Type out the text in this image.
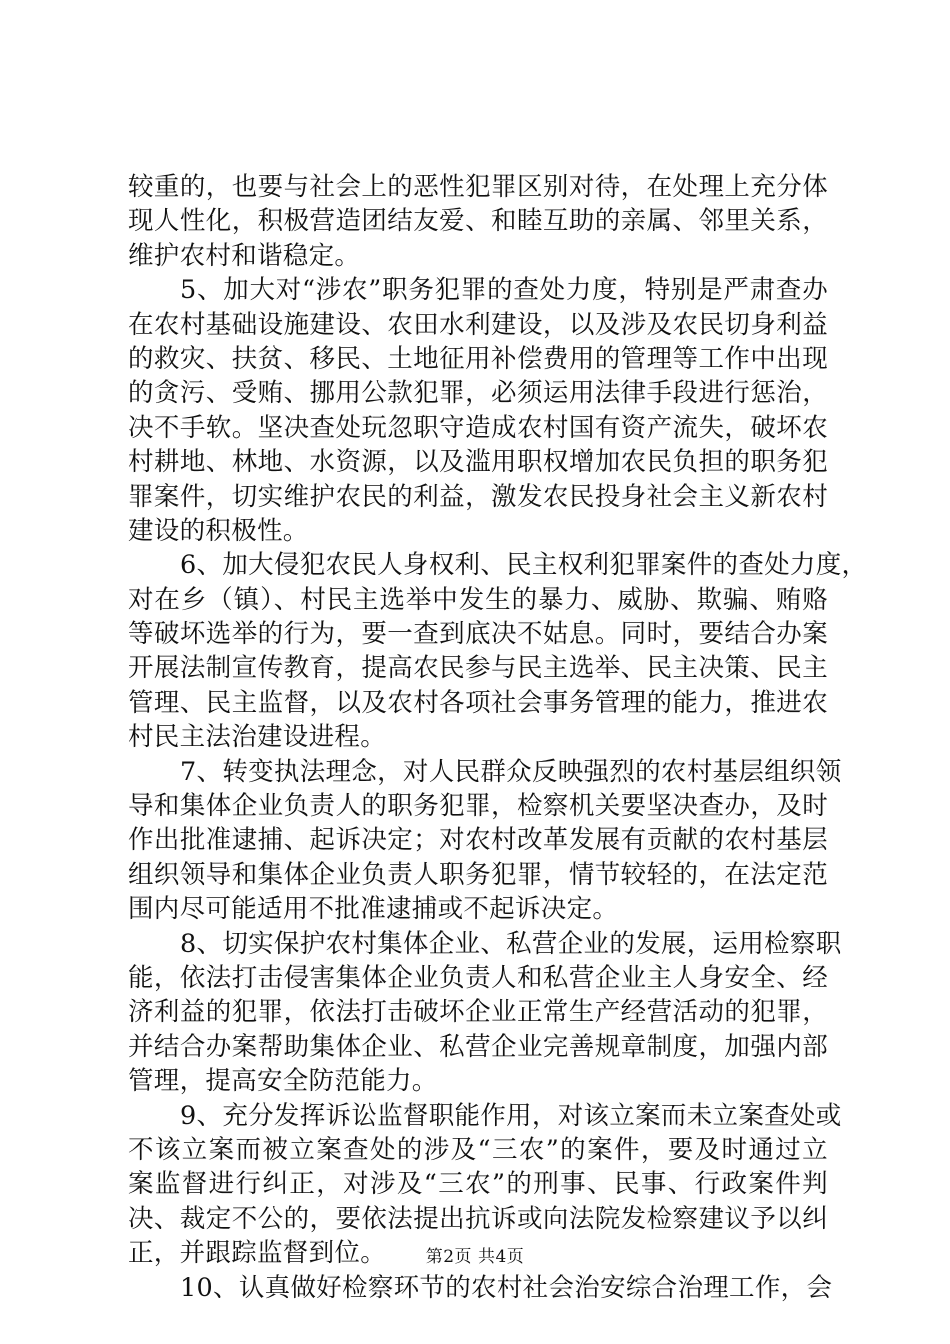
较重的，也要与社会上的恶性犯罪区别对待，在处理上充分体
现人性化，积极营造团结友爱、和睦互助的亲属、邻里关系，
维护农村和谐稳定。
5、加大对“涉农”职务犯罪的查处力度，特别是严肃查办
在农村基础设施建设、农田水利建设，以及涉及农民切身利益
的救灾、扶贫、移民、土地征用补偿费用的管理等工作中出现
的贪污、受贿、挪用公款犯罪，必须运用法律手段进行惩治，
决不手软。坚决查处玩忽职守造成农村国有资产流失，破坏农
村耕地、林地、水资源，以及滥用职权增加农民负担的职务犯
罪案件，切实维护农民的利益，激发农民投身社会主义新农村
建设的积极性。
6、加大侵犯农民人身权利、民主权利犯罪案件的查处力度，
对在乡（镇）、村民主选举中发生的暴力、威胁、欺骗、贿赂
等破坏选举的行为，要一查到底决不姑息。同时，要结合办案
开展法制宣传教育，提高农民参与民主选举、民主决策、民主
管理、民主监督，以及农村各项社会事务管理的能力，推进农
村民主法治建设进程。
7、转变执法理念，对人民群众反映强烈的农村基层组织领
导和集体企业负责人的职务犯罪，检察机关要坚决查办，及时
作出批准逮捕、起诉决定；对农村改革发展有贡献的农村基层
组织领导和集体企业负责人职务犯罪，情节较轻的，在法定范
围内尽可能适用不批准逮捕或不起诉决定。
8、切实保护农村集体企业、私营企业的发展，运用检察职
能，依法打击侵害集体企业负责人和私营企业主人身安全、经
济利益的犯罪，依法打击破坏企业正常生产经营活动的犯罪，
并结合办案帮助集体企业、私营企业完善规章制度，加强内部
管理，提高安全防范能力。
9、充分发挥诉讼监督职能作用，对该立案而未立案查处或
不该立案而被立案查处的涉及“三农”的案件，要及时通过立
案监督进行纠正，对涉及“三农”的刑事、民事、行政案件判
决、裁定不公的，要依法提出抗诉或向法院发检察建议予以纠
正，并跟踪监督到位。
10、认真做好检察环节的农村社会治安综合治理工作，会
第2页 共4页
